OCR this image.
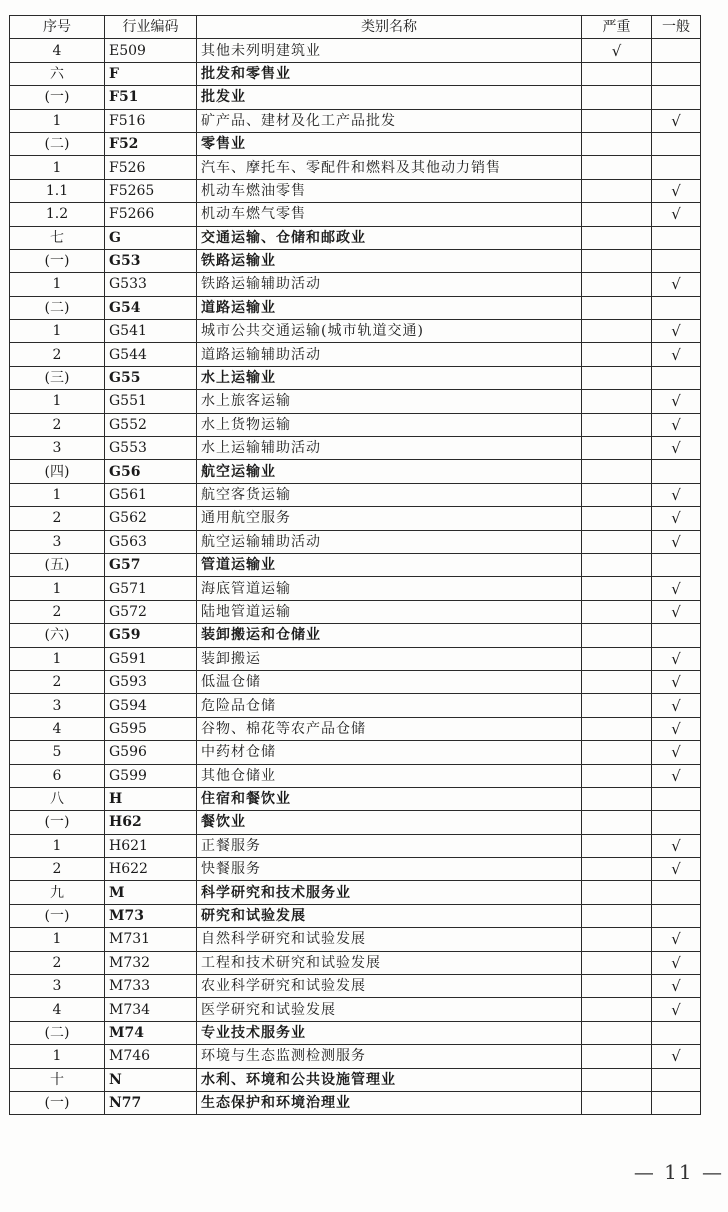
序号	行业编码	类别名称	严重	一般
4	E509	其他未列明建筑业	√	
六	F	批发和零售业		
(一)	F51	批发业		
1	F516	矿产品、建材及化工产品批发		√
(二)	F52	零售业		
1	F526	汽车、摩托车、零配件和燃料及其他动力销售		
1.1	F5265	机动车燃油零售		√
1.2	F5266	机动车燃气零售		√
七	G	交通运输、仓储和邮政业		
(一)	G53	铁路运输业		
1	G533	铁路运输辅助活动		√
(二)	G54	道路运输业		
1	G541	城市公共交通运输(城市轨道交通)		√
2	G544	道路运输辅助活动		√
(三)	G55	水上运输业		
1	G551	水上旅客运输		√
2	G552	水上货物运输		√
3	G553	水上运输辅助活动		√
(四)	G56	航空运输业		
1	G561	航空客货运输		√
2	G562	通用航空服务		√
3	G563	航空运输辅助活动		√
(五)	G57	管道运输业		
1	G571	海底管道运输		√
2	G572	陆地管道运输		√
(六)	G59	装卸搬运和仓储业		
1	G591	装卸搬运		√
2	G593	低温仓储		√
3	G594	危险品仓储		√
4	G595	谷物、棉花等农产品仓储		√
5	G596	中药材仓储		√
6	G599	其他仓储业		√
八	H	住宿和餐饮业		
(一)	H62	餐饮业		
1	H621	正餐服务		√
2	H622	快餐服务		√
九	M	科学研究和技术服务业		
(一)	M73	研究和试验发展		
1	M731	自然科学研究和试验发展		√
2	M732	工程和技术研究和试验发展		√
3	M733	农业科学研究和试验发展		√
4	M734	医学研究和试验发展		√
(二)	M74	专业技术服务业		
1	M746	环境与生态监测检测服务		√
十	N	水利、环境和公共设施管理业		
(一)	N77	生态保护和环境治理业		
— 11 —
